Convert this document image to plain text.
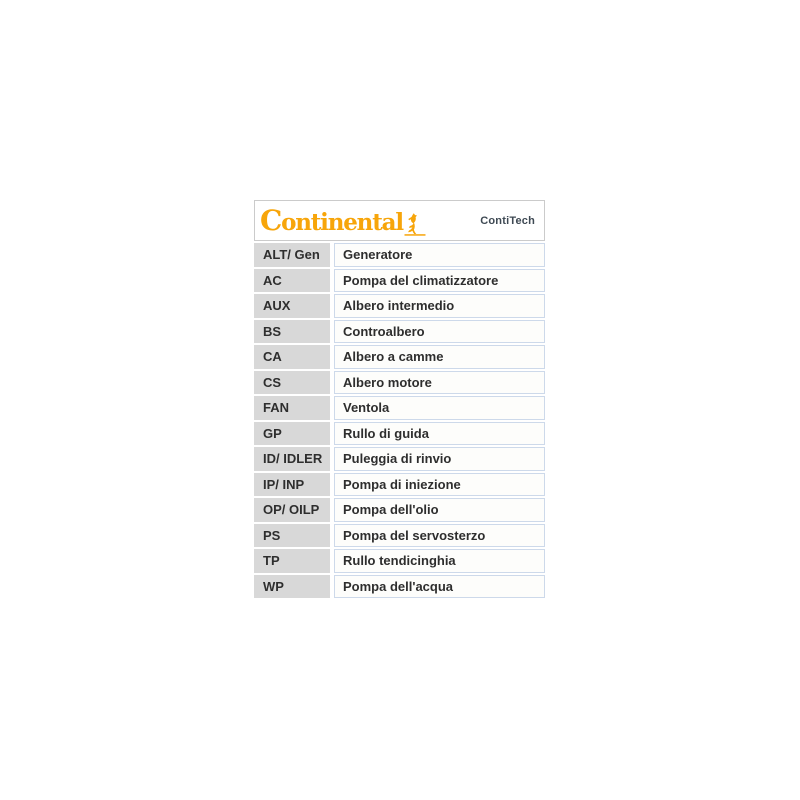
Continental	ContiTech
ALT/ Gen	Generatore
AC	Pompa del climatizzatore
AUX	Albero intermedio
BS	Controalbero
CA	Albero a camme
CS	Albero motore
FAN	Ventola
GP	Rullo di guida
ID/ IDLER	Puleggia di rinvio
IP/ INP	Pompa di iniezione
OP/ OILP	Pompa dell'olio
PS	Pompa del servosterzo
TP	Rullo tendicinghia
WP	Pompa dell'acqua
